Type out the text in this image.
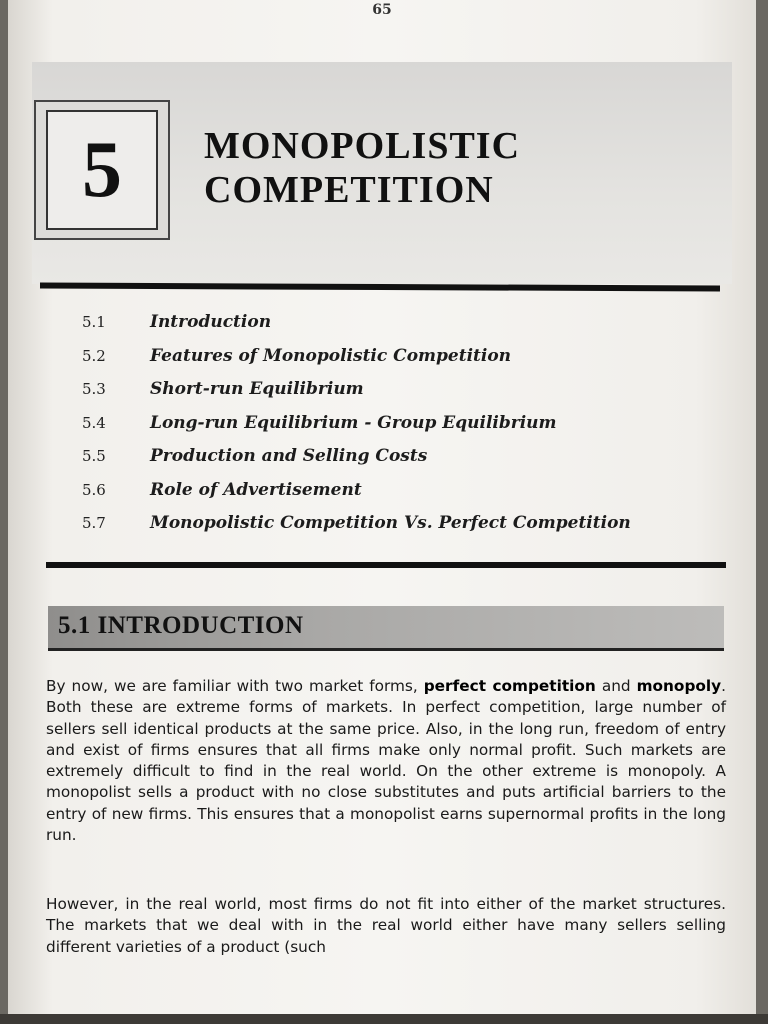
65
5 MONOPOLISTIC
COMPETITION
5.1	Introduction
5.2	Features of Monopolistic Competition
5.3	Short-run Equilibrium
5.4	Long-run Equilibrium - Group Equilibrium
5.5	Production and Selling Costs
5.6	Role of Advertisement
5.7	Monopolistic Competition Vs. Perfect Competition
5.1 INTRODUCTION
By now, we are familiar with two market forms, perfect competition and monopoly. Both these are extreme forms of markets. In perfect competition, large number of sellers sell identical products at the same price. Also, in the long run, freedom of entry and exist of firms ensures that all firms make only normal profit. Such markets are extremely difficult to find in the real world. On the other extreme is monopoly. A monopolist sells a product with no close substitutes and puts artificial barriers to the entry of new firms. This ensures that a monopolist earns supernormal profits in the long run.
However, in the real world, most firms do not fit into either of the market structures. The markets that we deal with in the real world either have many sellers selling different varieties of a product (such
